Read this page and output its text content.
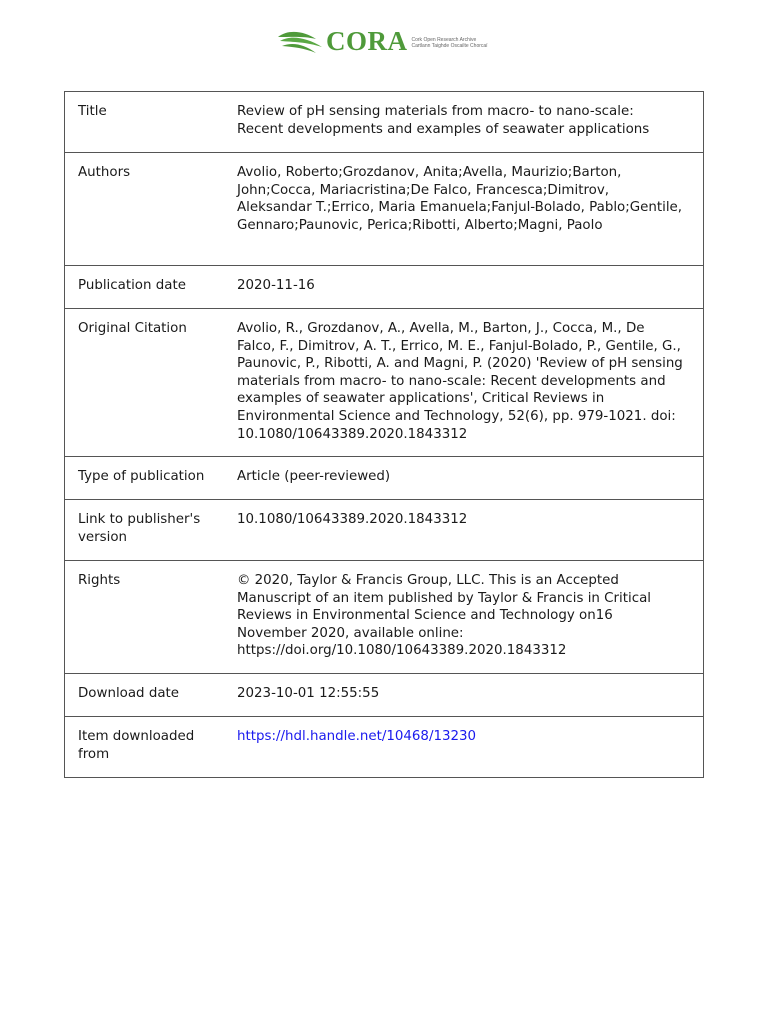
CORA Cork Open Research Archive
Cartlann Taighde Oscailte Chorcaí
Title	Review of pH sensing materials from macro- to nano-scale: Recent developments and examples of seawater applications
Authors	Avolio, Roberto;Grozdanov, Anita;Avella, Maurizio;Barton, John;Cocca, Mariacristina;De Falco, Francesca;Dimitrov, Aleksandar T.;Errico, Maria Emanuela;Fanjul-Bolado, Pablo;Gentile, Gennaro;Paunovic, Perica;Ribotti, Alberto;Magni, Paolo
Publication date	2020-11-16
Original Citation	Avolio, R., Grozdanov, A., Avella, M., Barton, J., Cocca, M., De Falco, F., Dimitrov, A. T., Errico, M. E., Fanjul-Bolado, P., Gentile, G., Paunovic, P., Ribotti, A. and Magni, P. (2020) 'Review of pH sensing materials from macro- to nano-scale: Recent developments and examples of seawater applications', Critical Reviews in Environmental Science and Technology, 52(6), pp. 979-1021. doi: 10.1080/10643389.2020.1843312
Type of publication	Article (peer-reviewed)
Link to publisher's version	10.1080/10643389.2020.1843312
Rights	© 2020, Taylor & Francis Group, LLC. This is an Accepted Manuscript of an item published by Taylor & Francis in Critical Reviews in Environmental Science and Technology on16 November 2020, available online: https://doi.org/10.1080/10643389.2020.1843312
Download date	2023-10-01 12:55:55
Item downloaded from	https://hdl.handle.net/10468/13230
